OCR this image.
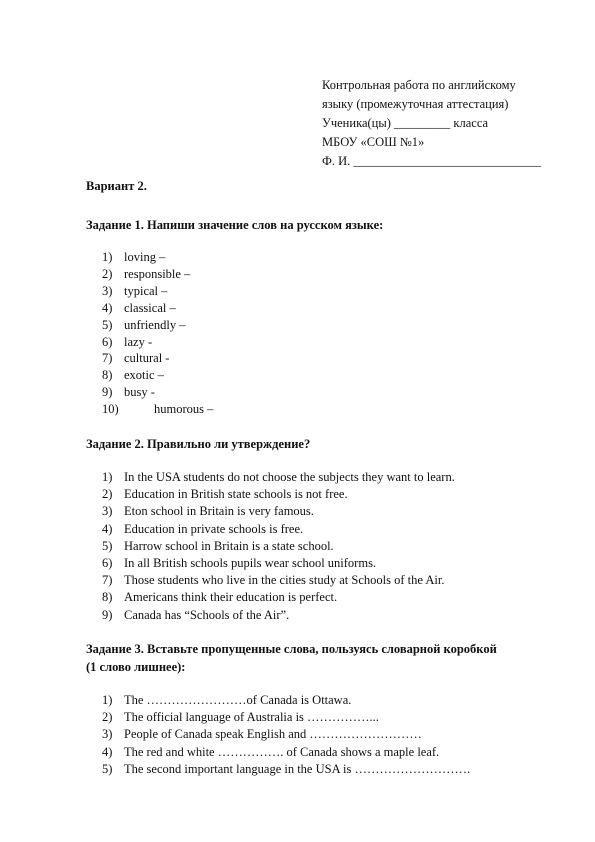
Контрольная работа по английскому
языку (промежуточная аттестация)
Ученика(цы) _________ класса
МБОУ «СОШ №1»
Ф. И. ______________________________
Вариант 2.
Задание 1. Напиши значение слов на русском языке:
1) loving –
2) responsible –
3) typical –
4) classical –
5) unfriendly –
6) lazy -
7) cultural -
8) exotic –
9) busy -
10)	humorous –
Задание 2. Правильно ли утверждение?
1) In the USA students do not choose the subjects they want to learn.
2) Education in British state schools is not free.
3) Eton school in Britain is very famous.
4) Education in private schools is free.
5) Harrow school in Britain is a state school.
6) In all British schools pupils wear school uniforms.
7) Those students who live in the cities study at Schools of the Air.
8) Americans think their education is perfect.
9) Canada has “Schools of the Air”.
Задание 3. Вставьте пропущенные слова, пользуясь словарной коробкой
(1 слово лишнее):
1) The ……………………of Canada is Ottawa.
2) The official language of Australia is ……………...
3) People of Canada speak English and ………………………
4) The red and white ……………. of Canada shows a maple leaf.
5) The second important language in the USA is ……………………….
